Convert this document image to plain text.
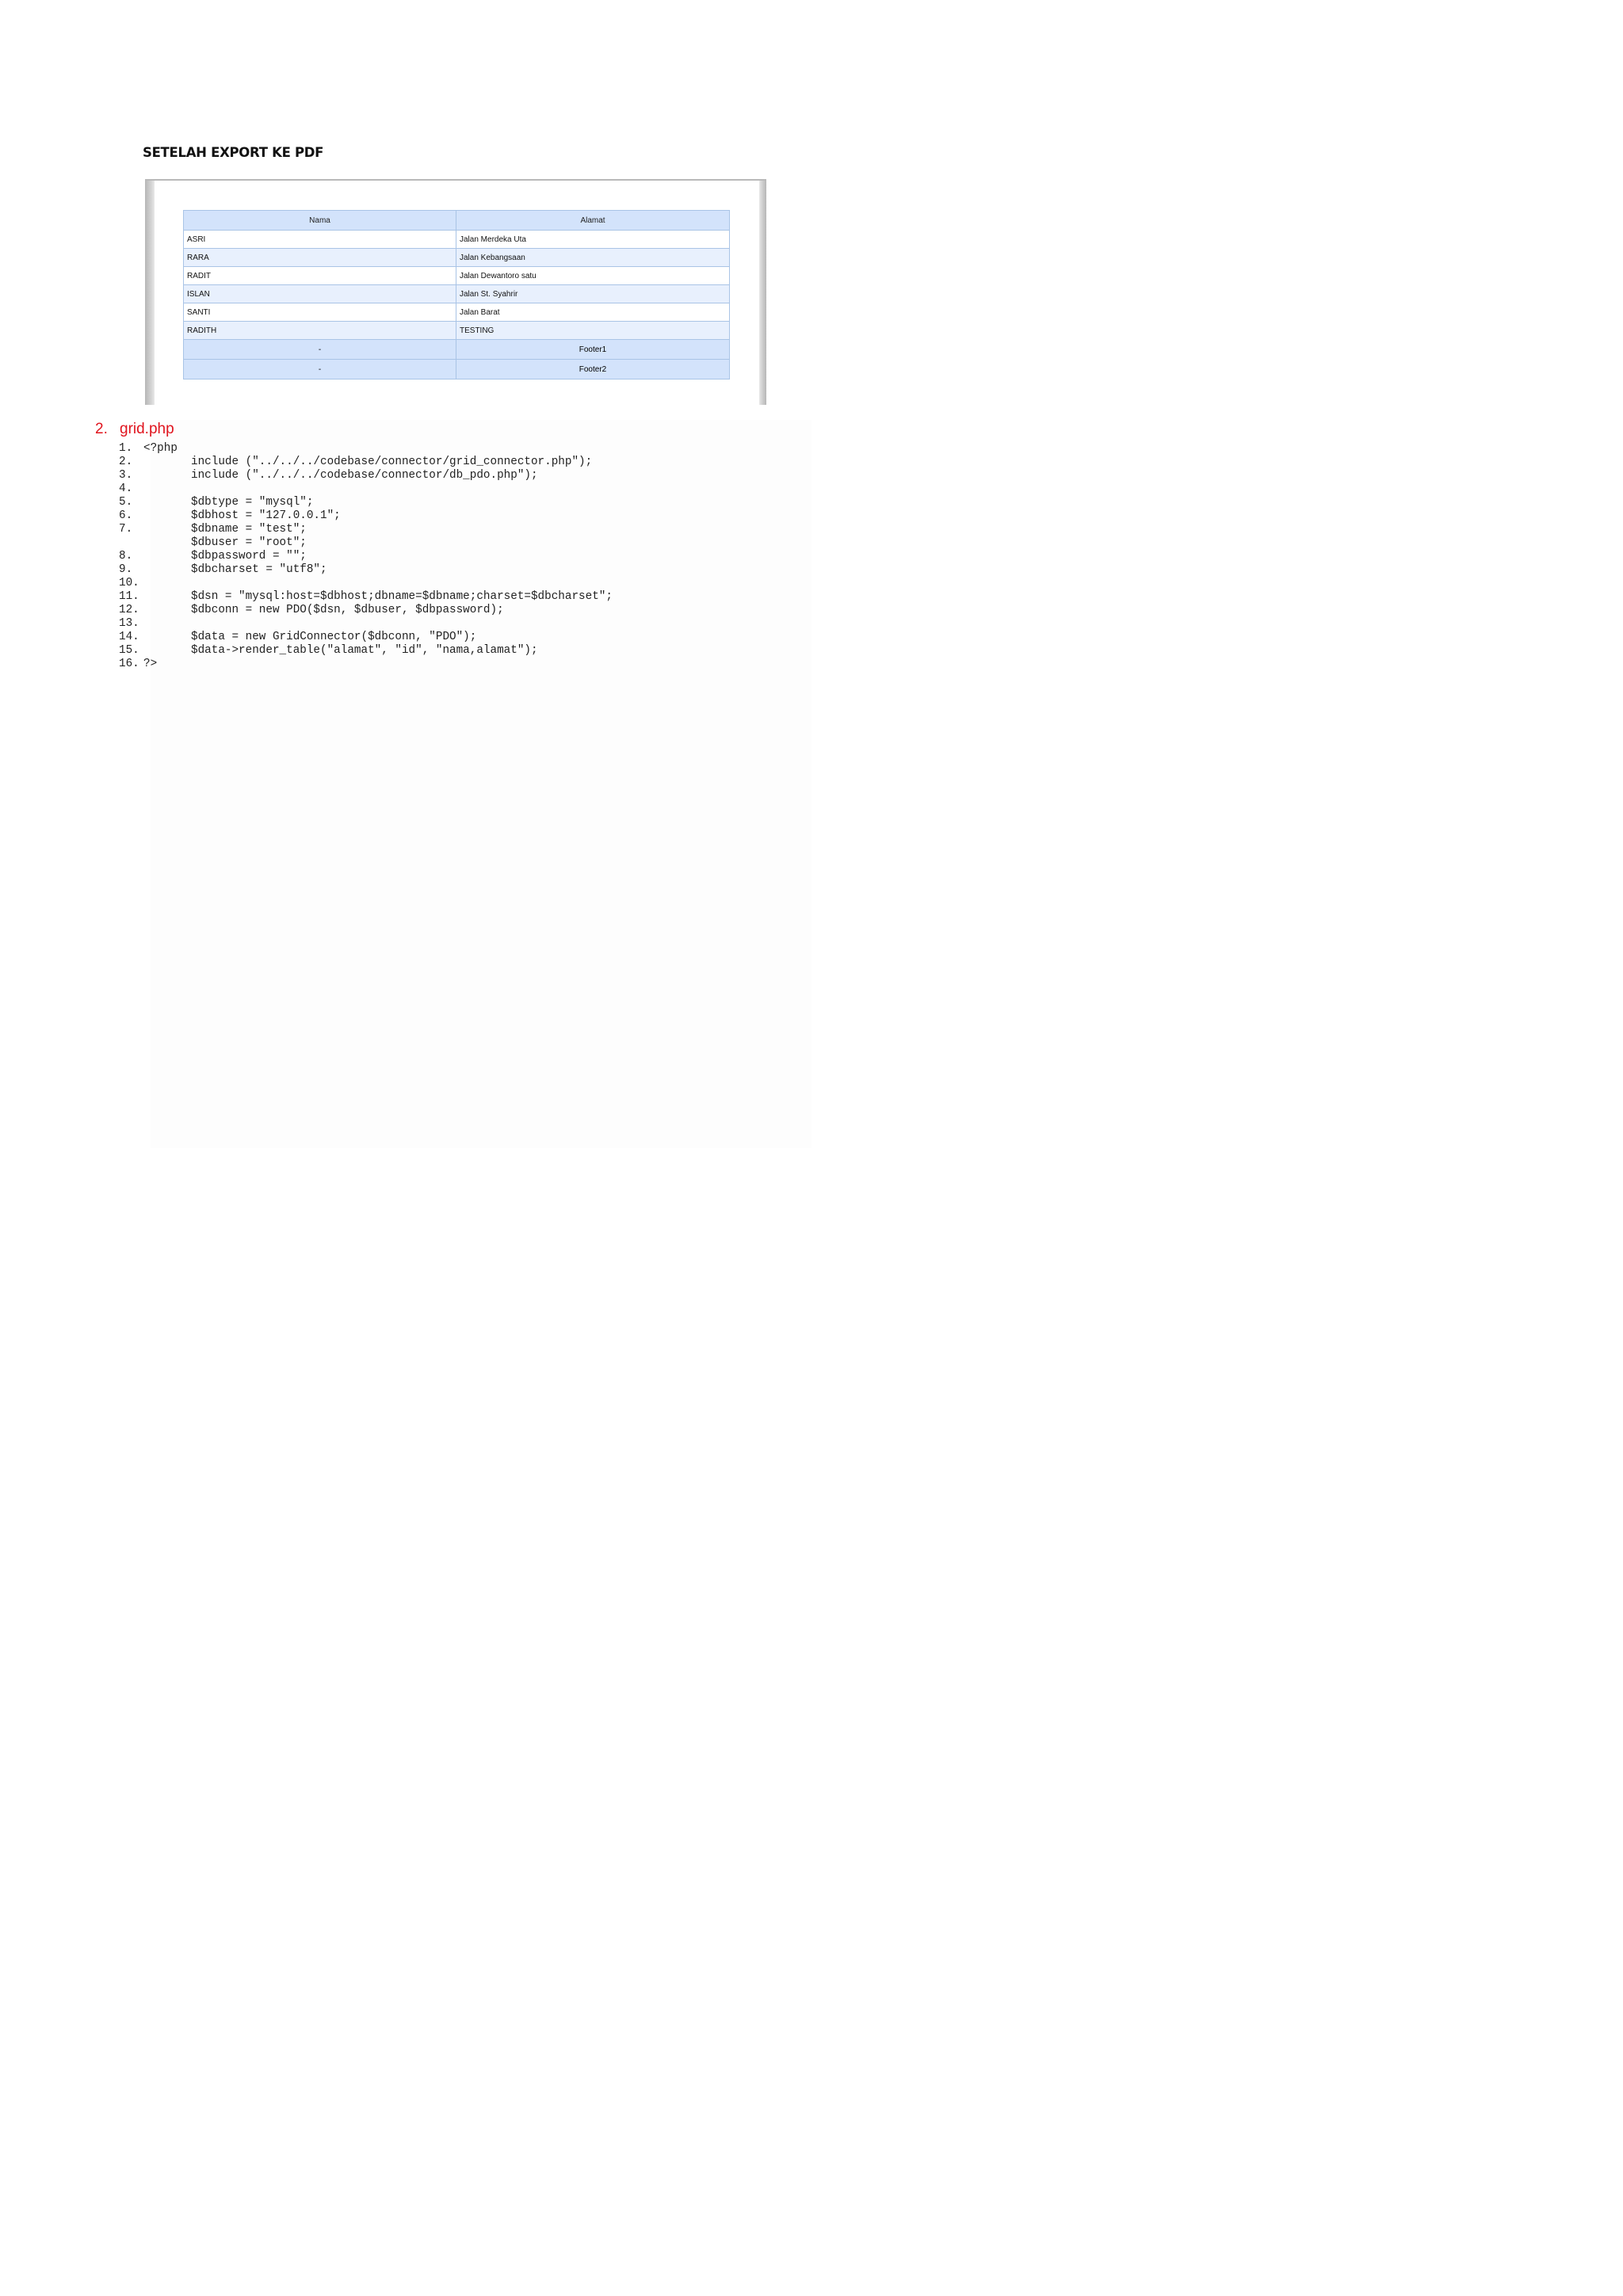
SETELAH EXPORT KE PDF
Nama	Alamat
ASRI	Jalan Merdeka Uta
RARA	Jalan Kebangsaan
RADIT	Jalan Dewantoro satu
ISLAN	Jalan St. Syahrir
SANTI	Jalan Barat
RADITH	TESTING
-	Footer1
-	Footer2
2. grid.php
1. <?php
2.	include ("../../../codebase/connector/grid_connector.php");
3.	include ("../../../codebase/connector/db_pdo.php");
4.
5.	$dbtype = "mysql";
6.	$dbhost = "127.0.0.1";
7.	$dbname = "test";
$dbuser = "root";
8.	$dbpassword = "";
9.	$dbcharset = "utf8";
10.
11.	$dsn = "mysql:host=$dbhost;dbname=$dbname;charset=$dbcharset";
12.	$dbconn = new PDO($dsn, $dbuser, $dbpassword);
13.
14.	$data = new GridConnector($dbconn, "PDO");
15.	$data->render_table("alamat", "id", "nama,alamat");
16. ?>
